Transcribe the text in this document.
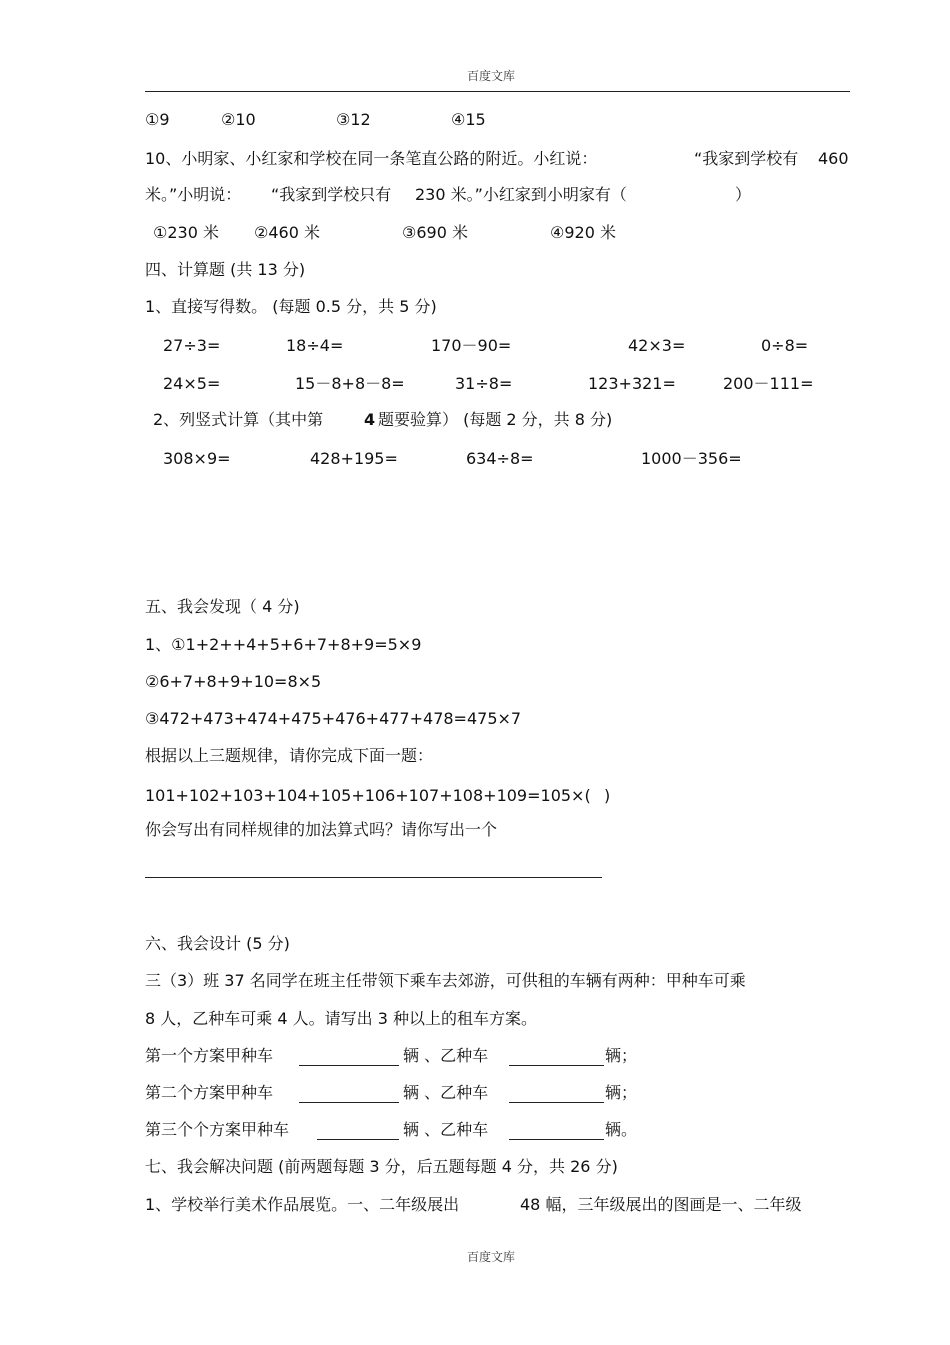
百度文库
①9	②10	③12	④15
10、小明家、小红家和学校在同一条笔直公路的附近。小红说：	“我家到学校有 460
米。”小明说： “我家到学校只有 230 米。”小红家到小明家有（	）
①230 米 ②460 米	③690 米	④920 米
四、计算题 (共 13 分)
1、直接写得数。 (每题 0.5 分，共 5 分)
27÷3=	18÷4=	170－90=	42×3=	0÷8=
24×5=	15－8+8－8=	31÷8=	123+321=	200－111=
2、列竖式计算（其中第	4 题要验算） (每题 2 分，共 8 分)
308×9=	428+195=	634÷8=	1000－356=
五、我会发现（ 4 分)
1、①1+2++4+5+6+7+8+9=5×9
②6+7+8+9+10=8×5
③472+473+474+475+476+477+478=475×7
根据以上三题规律，请你完成下面一题：
101+102+103+104+105+106+107+108+109=105×( )
你会写出有同样规律的加法算式吗？请你写出一个
六、我会设计 (5 分)
三（3）班 37 名同学在班主任带领下乘车去郊游，可供租的车辆有两种：甲种车可乘
8 人，乙种车可乘 4 人。请写出 3 种以上的租车方案。
第一个方案甲种车	辆 、乙种车	辆；
第二个方案甲种车	辆 、乙种车	辆；
第三个个方案甲种车	辆 、乙种车	辆。
七、我会解决问题 (前两题每题 3 分，后五题每题 4 分，共 26 分)
1、学校举行美术作品展览。一、二年级展出	48 幅，三年级展出的图画是一、二年级
百度文库
